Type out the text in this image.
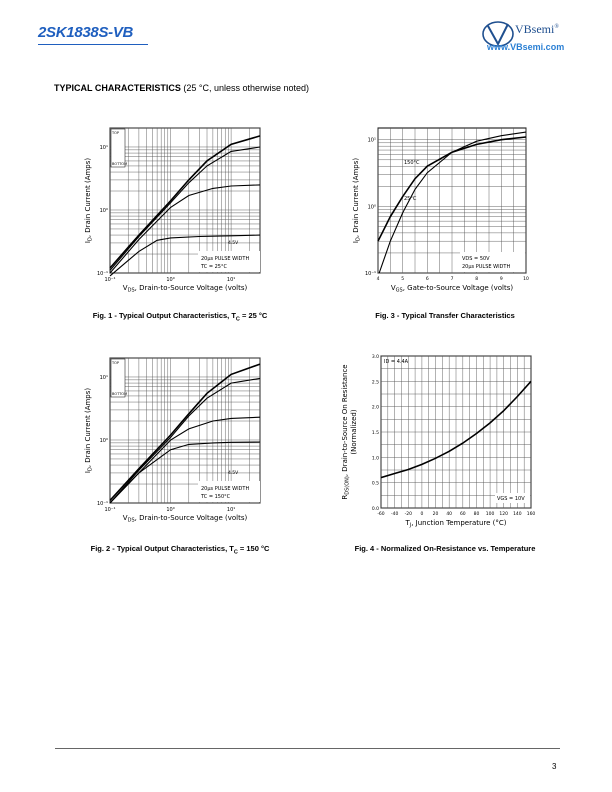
2SK1838S-VB	VBsemi®
www.VBsemi.com
TYPICAL CHARACTERISTICS (25 °C, unless otherwise noted)
10⁻¹	10⁰	10¹
10¹
10⁰
10⁻¹
$V_{DS}$, Drain-to-Source Voltage (volts)
$I_D$, Drain Current (Amps)
TOP
BOTTOM
4.5V
20μs PULSE WIDTH
TC = 25°C
4	5	6	7	8	9	10
10¹
10⁰
10⁻¹
$V_{GS}$, Gate-to-Source Voltage (volts)
$I_D$, Drain Current (Amps)	150°C
25°C
VDS = 50V
20μs PULSE WIDTH
10⁻¹	10⁰	10¹
10¹
10⁰
10⁻¹
$V_{DS}$, Drain-to-Source Voltage (volts)
$I_D$, Drain Current (Amps)
TOP
BOTTOM
4.5V
20μs PULSE WIDTH
TC = 150°C
-60 -40 -20 0 20 40 60 80 100 120 140 160
3.0
2.5
2.0
1.5
1.0
0.5
0.0
$T_J$, Junction Temperature (°C)
$R_{DS(ON)}$, Drain-to-Source On Resistance (Normalized)
ID = 4.4A
VGS = 10V
Fig. 1 - Typical Output Characteristics, $T_C = 25$ °C	Fig. 3 - Typical Transfer Characteristics
Fig. 2 - Typical Output Characteristics, $T_C = 150$ °C	Fig. 4 - Normalized On-Resistance vs. Temperature
3
